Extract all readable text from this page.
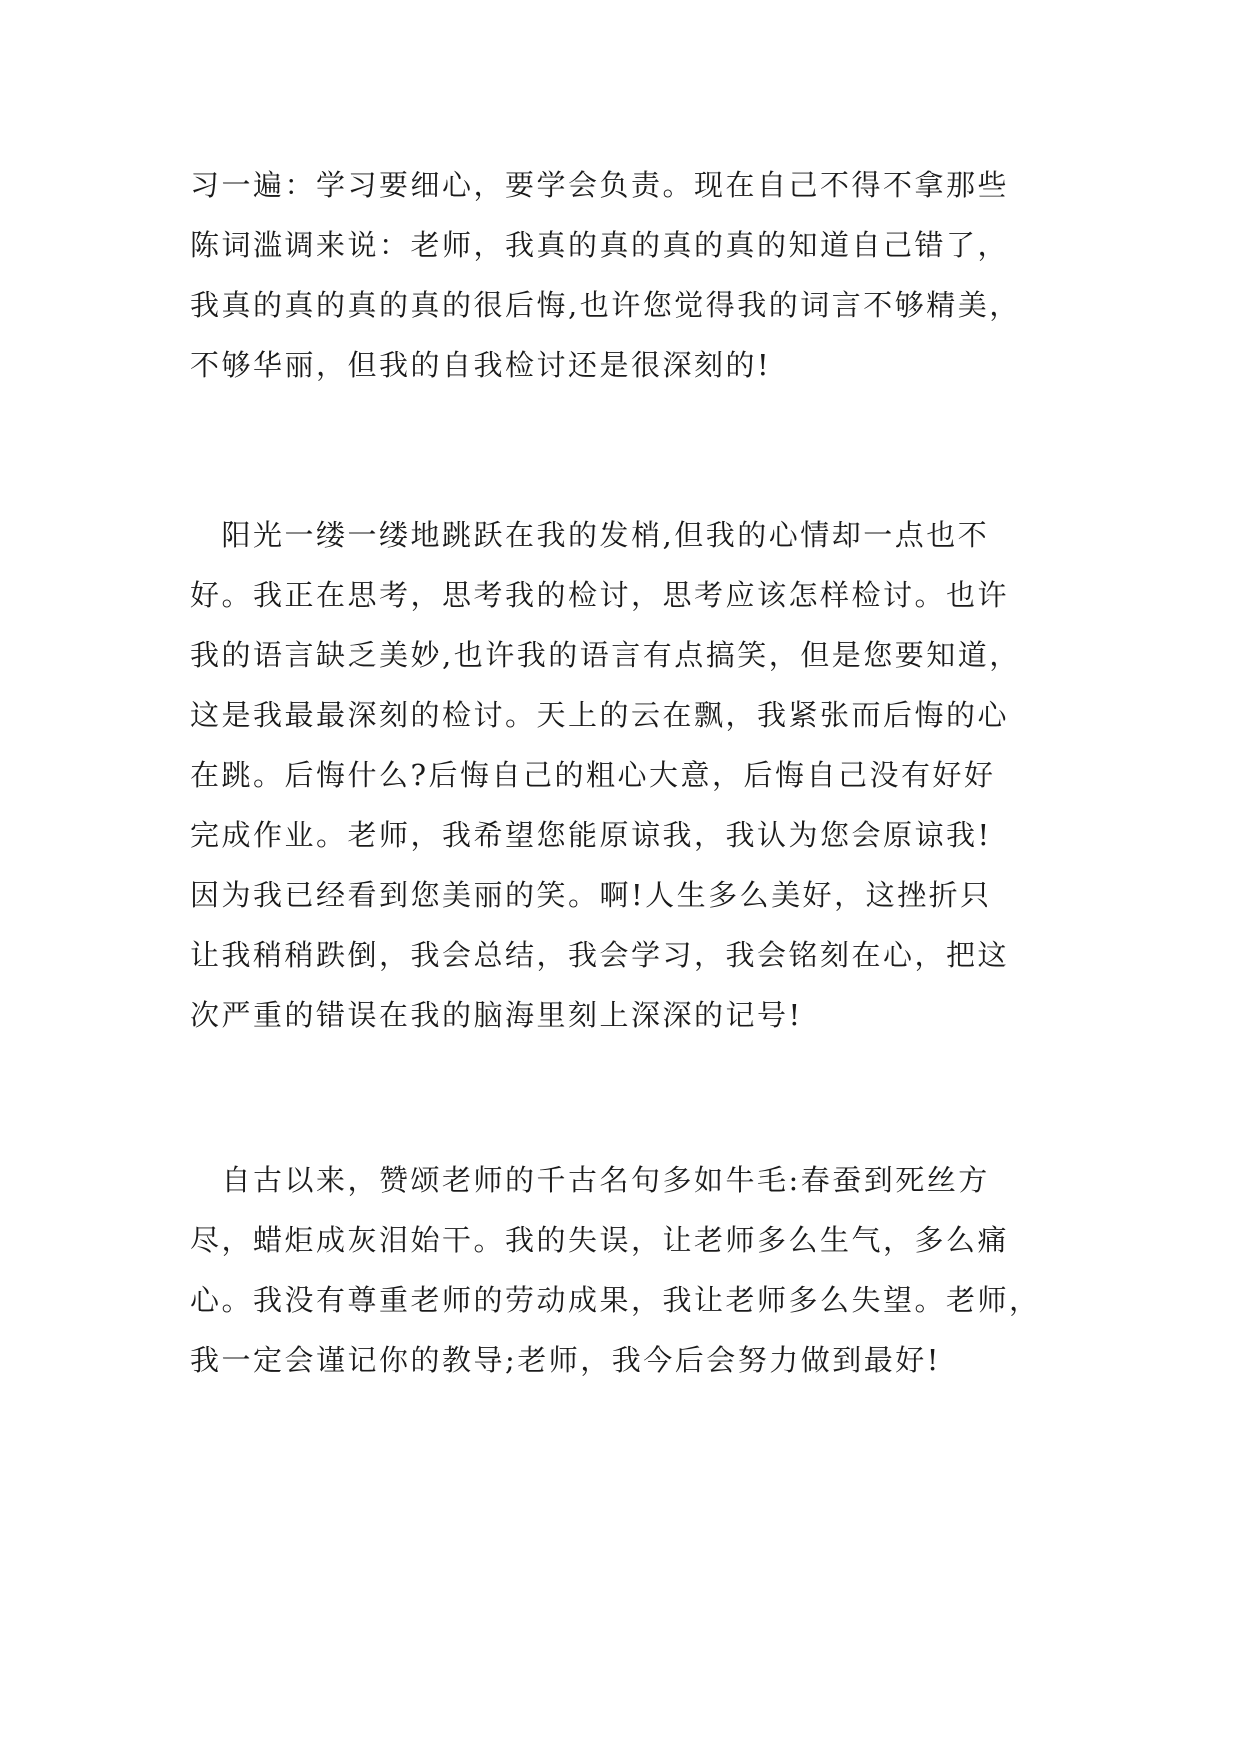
习一遍：学习要细心，要学会负责。现在自己不得不拿那些
陈词滥调来说：老师，我真的真的真的真的知道自己错了，
我真的真的真的真的很后悔,也许您觉得我的词言不够精美，
不够华丽，但我的自我检讨还是很深刻的!
　阳光一缕一缕地跳跃在我的发梢,但我的心情却一点也不
好。我正在思考，思考我的检讨，思考应该怎样检讨。也许
我的语言缺乏美妙,也许我的语言有点搞笑，但是您要知道，
这是我最最深刻的检讨。天上的云在飘，我紧张而后悔的心
在跳。后悔什么?后悔自己的粗心大意，后悔自己没有好好
完成作业。老师，我希望您能原谅我，我认为您会原谅我!
因为我已经看到您美丽的笑。啊!人生多么美好，这挫折只
让我稍稍跌倒，我会总结，我会学习，我会铭刻在心，把这
次严重的错误在我的脑海里刻上深深的记号!
　自古以来，赞颂老师的千古名句多如牛毛:春蚕到死丝方
尽，蜡炬成灰泪始干。我的失误，让老师多么生气，多么痛
心。我没有尊重老师的劳动成果，我让老师多么失望。老师，
我一定会谨记你的教导;老师，我今后会努力做到最好!
